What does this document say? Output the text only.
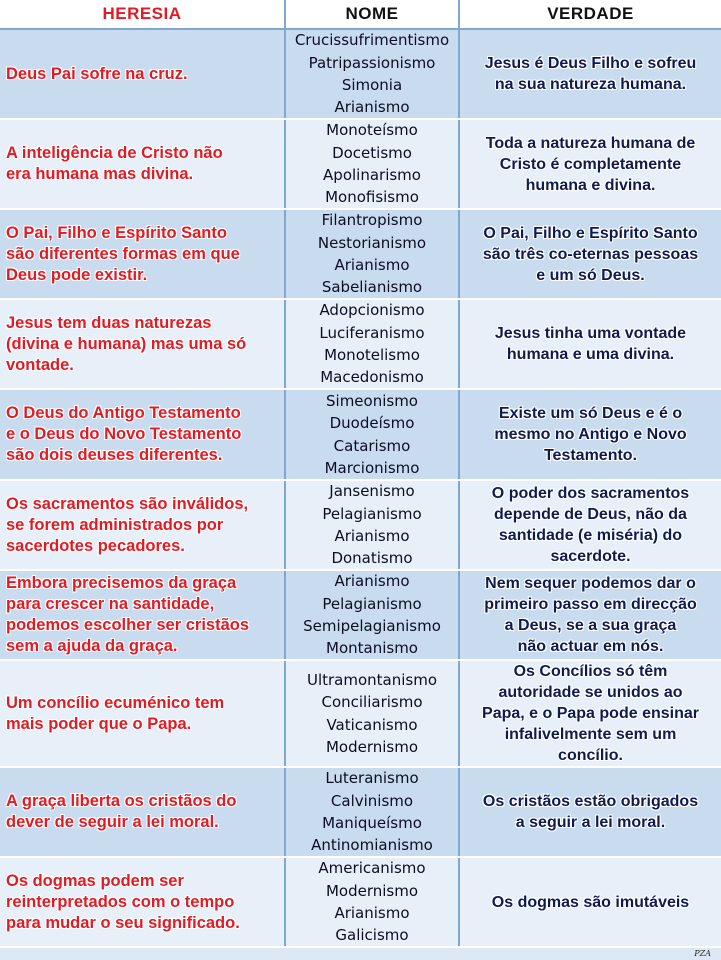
HERESIA	NOME	VERDADE
Deus Pai sofre na cruz.
Crucissufrimentismo
Patripassionismo
Simonia
Arianismo
Jesus é Deus Filho e sofreu
na sua natureza humana.
A inteligência de Cristo não
era humana mas divina.
Monoteísmo
Docetismo
Apolinarismo
Monofisismo
Toda a natureza humana de
Cristo é completamente
humana e divina.
O Pai, Filho e Espírito Santo
são diferentes formas em que
Deus pode existir.
Filantropismo
Nestorianismo
Arianismo
Sabelianismo
O Pai, Filho e Espírito Santo
são três co-eternas pessoas
e um só Deus.
Jesus tem duas naturezas
(divina e humana) mas uma só
vontade.
Adopcionismo
Luciferanismo
Monotelismo
Macedonismo
Jesus tinha uma vontade
humana e uma divina.
O Deus do Antigo Testamento
e o Deus do Novo Testamento
são dois deuses diferentes.
Simeonismo
Duodeísmo
Catarismo
Marcionismo
Existe um só Deus e é o
mesmo no Antigo e Novo
Testamento.
Os sacramentos são inválidos,
se forem administrados por
sacerdotes pecadores.
Jansenismo
Pelagianismo
Arianismo
Donatismo
O poder dos sacramentos
depende de Deus, não da
santidade (e miséria) do
sacerdote.
Embora precisemos da graça
para crescer na santidade,
podemos escolher ser cristãos
sem a ajuda da graça.
Arianismo
Pelagianismo
Semipelagianismo
Montanismo
Nem sequer podemos dar o
primeiro passo em direcção
a Deus, se a sua graça
não actuar em nós.
Um concílio ecuménico tem
mais poder que o Papa.
Ultramontanismo
Conciliarismo
Vaticanismo
Modernismo
Os Concílios só têm
autoridade se unidos ao
Papa, e o Papa pode ensinar
infalivelmente sem um
concílio.
A graça liberta os cristãos do
dever de seguir a lei moral.
Luteranismo
Calvinismo
Maniqueísmo
Antinomianismo
Os cristãos estão obrigados
a seguir a lei moral.
Os dogmas podem ser
reinterpretados com o tempo
para mudar o seu significado.
Americanismo
Modernismo
Arianismo
Galicismo
Os dogmas são imutáveis
PZA
